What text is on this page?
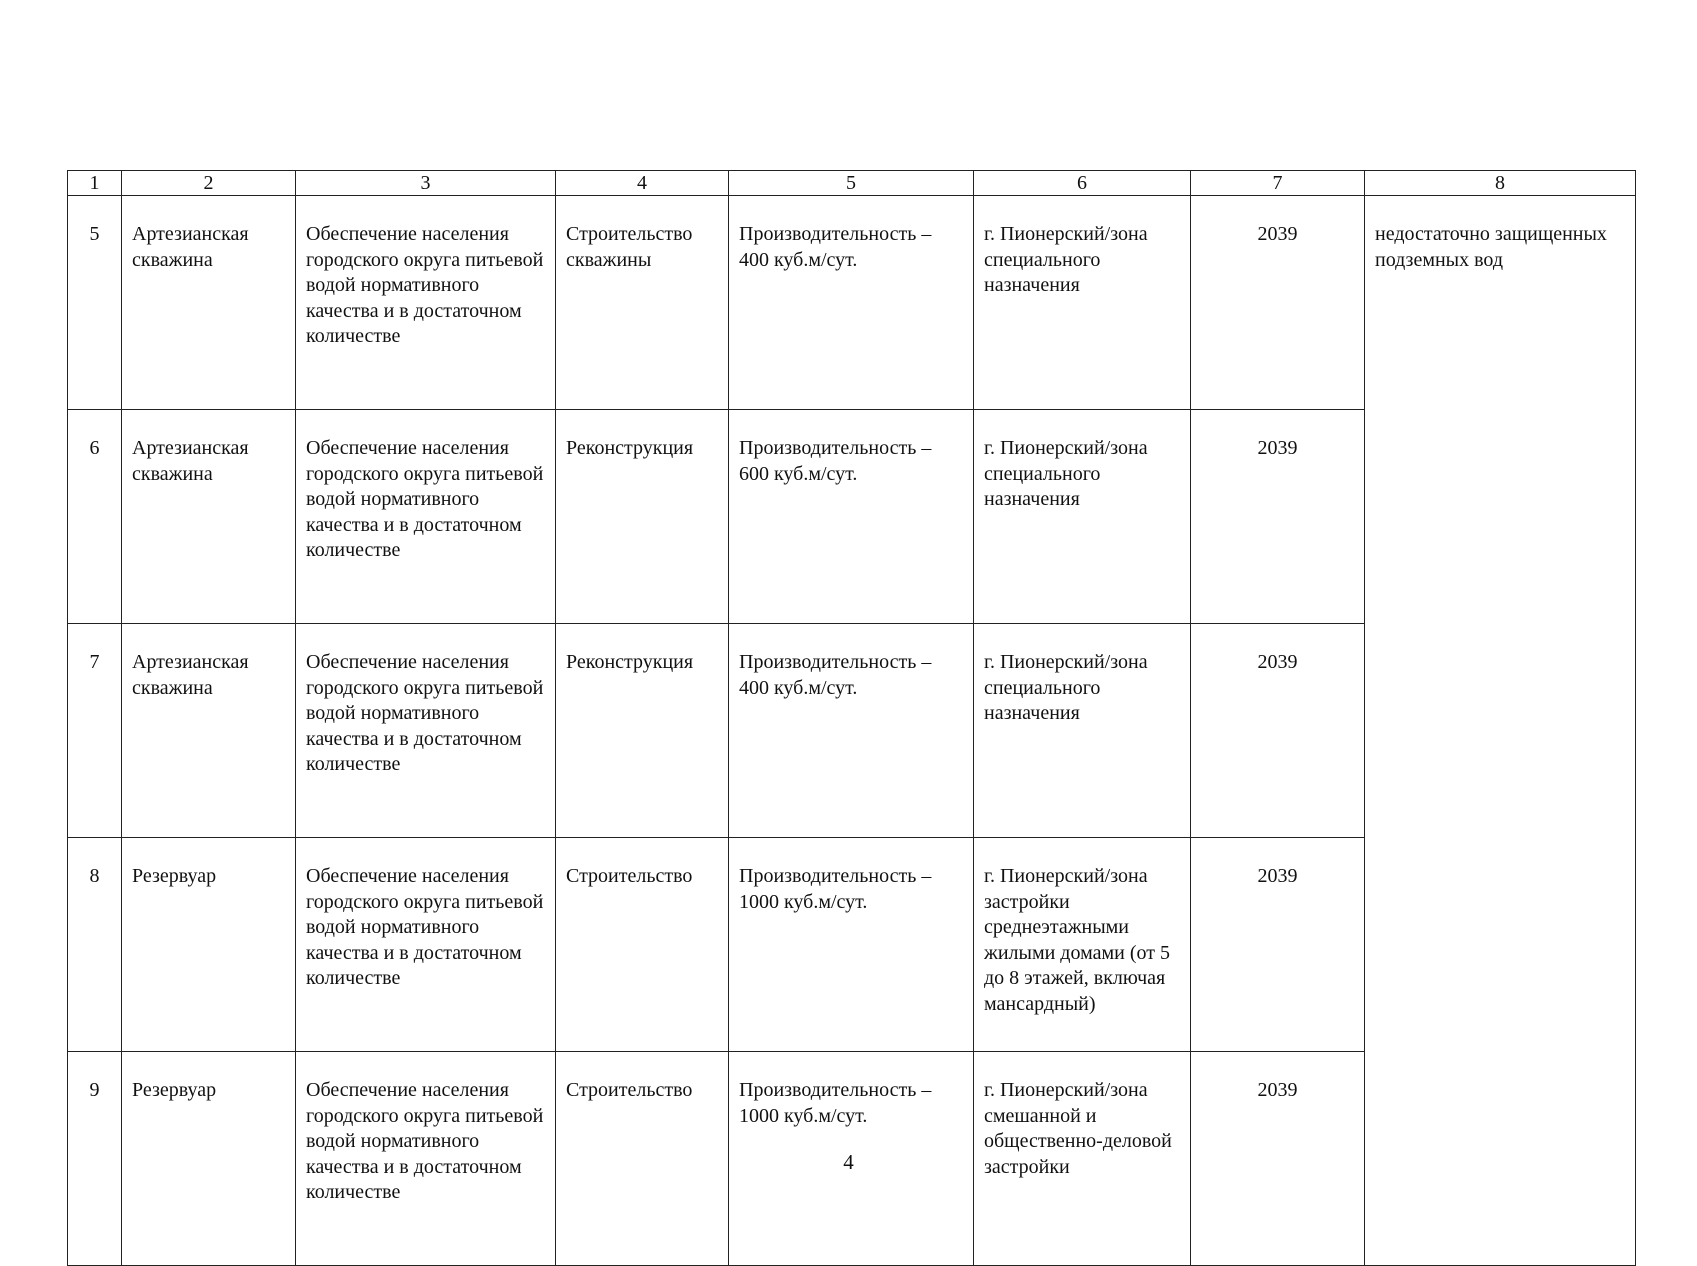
1	2	3	4	5	6	7	8
5	Артезианская скважина	Обеспечение населения городского округа питьевой водой нормативного качества и в достаточном количестве	Строительство скважины	Производительность – 400 куб.м/сут.	г. Пионерский/зона специального назначения	2039	недостаточно защищенных подземных вод
6	Артезианская скважина	Обеспечение населения городского округа питьевой водой нормативного качества и в достаточном количестве	Реконструкция	Производительность – 600 куб.м/сут.	г. Пионерский/зона специального назначения	2039	
7	Артезианская скважина	Обеспечение населения городского округа питьевой водой нормативного качества и в достаточном количестве	Реконструкция	Производительность – 400 куб.м/сут.	г. Пионерский/зона специального назначения	2039	
8	Резервуар	Обеспечение населения городского округа питьевой водой нормативного качества и в достаточном количестве	Строительство	Производительность – 1000 куб.м/сут.	г. Пионерский/зона застройки среднеэтажными жилыми домами (от 5 до 8 этажей, включая мансардный)	2039	
9	Резервуар	Обеспечение населения городского округа питьевой водой нормативного качества и в достаточном количестве	Строительство	Производительность – 1000 куб.м/сут.	г. Пионерский/зона смешанной и общественно-деловой застройки	2039	
4
